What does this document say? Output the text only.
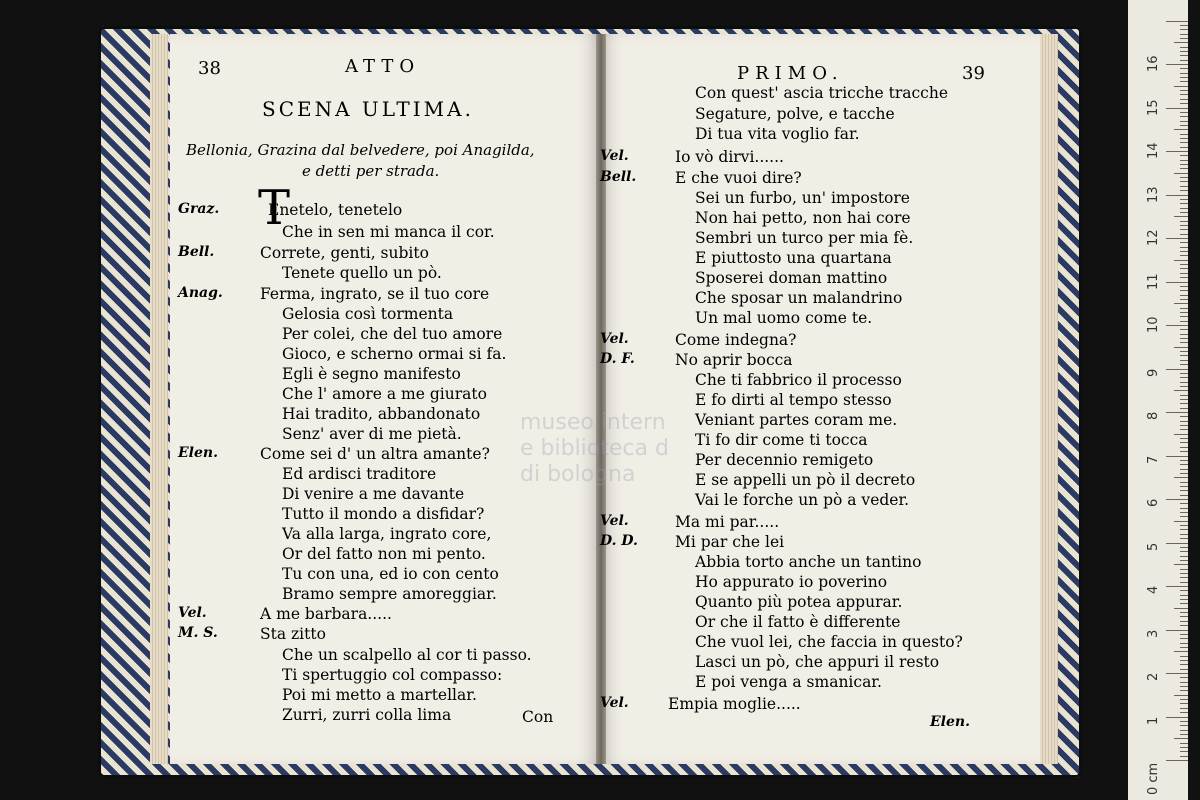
38	ATTO
SCENA ULTIMA.
Bellonia, Grazina dal belvedere, poi Anagilda,
e detti per strada.
T
Graz.	Enetelo, tenetelo
Che in sen mi manca il cor.
Bell.	Correte, genti, subito
Tenete quello un pò.
Anag. Ferma, ingrato, se il tuo core
Gelosia così tormenta
Per colei, che del tuo amore
Gioco, e scherno ormai si fa.
Egli è segno manifesto
Che l' amore a me giurato
Hai tradito, abbandonato
Senz' aver di me pietà.
Elen.	Come sei d' un altra amante?
Ed ardisci traditore
Di venire a me davante
Tutto il mondo a disfidar?
Va alla larga, ingrato core,
Or del fatto non mi pento.
Tu con una, ed io con cento
Bramo sempre amoreggiar.
Vel.	A me barbara.....
M. S.	Sta zitto
Che un scalpello al cor ti passo.
Ti spertuggio col compasso:
Poi mi metto a martellar.
Zurri, zurri colla lima	Con
PRIMO.	39
Con quest' ascia tricche tracche
Segature, polve, e tacche
Di tua vita voglio far.
Vel.	Io vò dirvi......
Bell. E che vuoi dire?
Sei un furbo, un' impostore
Non hai petto, non hai core
Sembri un turco per mia fè.
E piuttosto una quartana
Sposerei doman mattino
Che sposar un malandrino
Un mal uomo come te.
Vel.	Come indegna?
D. F.	No aprir bocca
Che ti fabbrico il processo
E fo dirti al tempo stesso
Veniant partes coram me.
Ti fo dir come ti tocca
Per decennio remigeto
E se appelli un pò il decreto
Vai le forche un pò a veder.
Vel.	Ma mi par.....
D. D. Mi par che lei
Abbia torto anche un tantino
Ho appurato io poverino
Quanto più potea appurar.
Or che il fatto è differente
Che vuol lei, che faccia in questo?
Lasci un pò, che appuri il resto
E poi venga a smanicar.
Vel.	Empia moglie.....
Elen.
museo intern
e biblioteca d
di bologna
1
2
3
4
5
6
7
8
9
10
11
12
13
14
15
16
0 cm
